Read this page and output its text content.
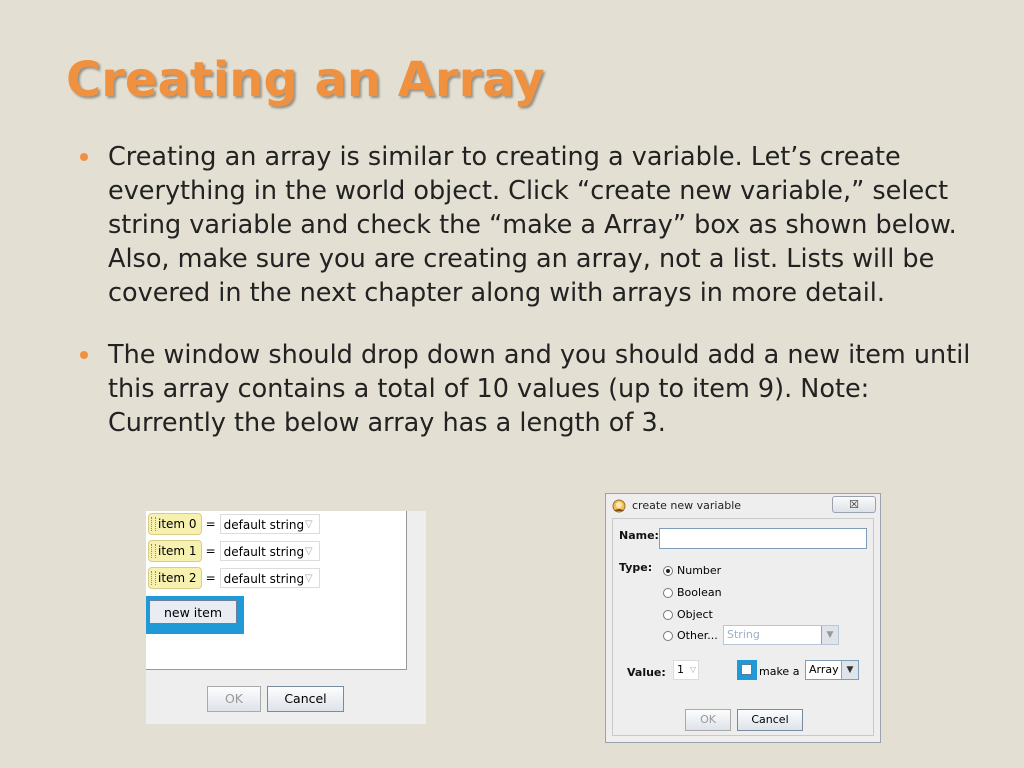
Creating an Array
Creating an array is similar to creating a variable. Let’s create everything in the world object. Click “create new variable,” select string variable and check the “make a Array” box as shown below. Also, make sure you are creating an array, not a list. Lists will be covered in the next chapter along with arrays in more detail.
The window should drop down and you should add a new item until this array contains a total of 10 values (up to item 9). Note: Currently the below array has a length of 3.
item 0 = default string ▽
item 1 = default string ▽
item 2 = default string ▽
new item
OK	Cancel
create new variable	☒
Name:
Type: Number
Boolean
Object
Other... String	▼
Value:	1 ▽	make a Array ▼
OK	Cancel
